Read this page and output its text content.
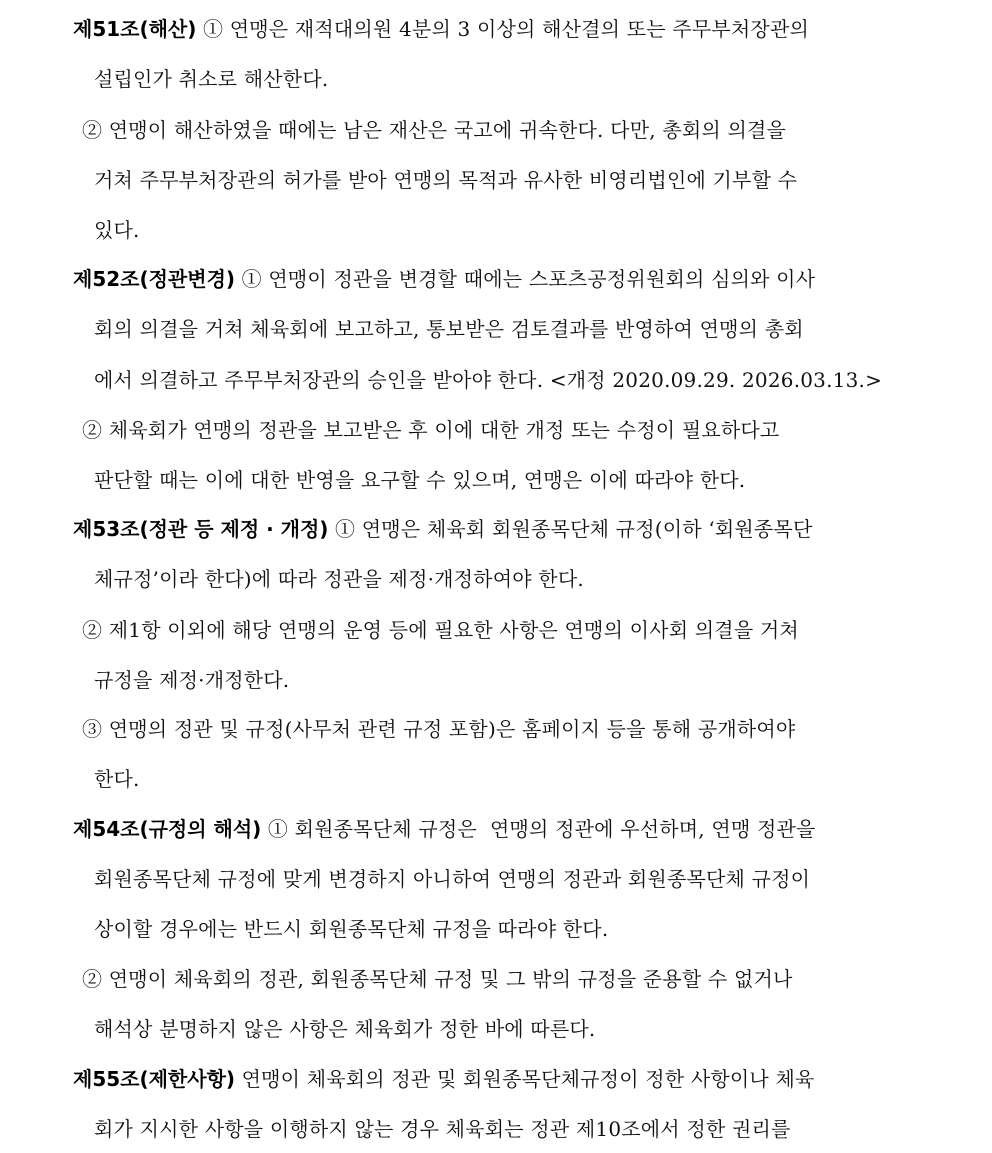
제51조(해산) ① 연맹은 재적대의원 4분의 3 이상의 해산결의 또는 주무부처장관의
설립인가 취소로 해산한다.
② 연맹이 해산하였을 때에는 남은 재산은 국고에 귀속한다. 다만, 총회의 의결을
거쳐 주무부처장관의 허가를 받아 연맹의 목적과 유사한 비영리법인에 기부할 수
있다.
제52조(정관변경) ① 연맹이 정관을 변경할 때에는 스포츠공정위원회의 심의와 이사
회의 의결을 거쳐 체육회에 보고하고, 통보받은 검토결과를 반영하여 연맹의 총회
에서 의결하고 주무부처장관의 승인을 받아야 한다. <개정 2020.09.29. 2026.03.13.>
② 체육회가 연맹의 정관을 보고받은 후 이에 대한 개정 또는 수정이 필요하다고
판단할 때는 이에 대한 반영을 요구할 수 있으며, 연맹은 이에 따라야 한다.
제53조(정관 등 제정 · 개정) ① 연맹은 체육회 회원종목단체 규정(이하 ‘회원종목단
체규정’이라 한다)에 따라 정관을 제정·개정하여야 한다.
② 제1항 이외에 해당 연맹의 운영 등에 필요한 사항은 연맹의 이사회 의결을 거쳐
규정을 제정·개정한다.
③ 연맹의 정관 및 규정(사무처 관련 규정 포함)은 홈페이지 등을 통해 공개하여야
한다.
제54조(규정의 해석) ① 회원종목단체 규정은  연맹의 정관에 우선하며, 연맹 정관을
회원종목단체 규정에 맞게 변경하지 아니하여 연맹의 정관과 회원종목단체 규정이
상이할 경우에는 반드시 회원종목단체 규정을 따라야 한다.
② 연맹이 체육회의 정관, 회원종목단체 규정 및 그 밖의 규정을 준용할 수 없거나
해석상 분명하지 않은 사항은 체육회가 정한 바에 따른다.
제55조(제한사항) 연맹이 체육회의 정관 및 회원종목단체규정이 정한 사항이나 체육
회가 지시한 사항을 이행하지 않는 경우 체육회는 정관 제10조에서 정한 권리를
